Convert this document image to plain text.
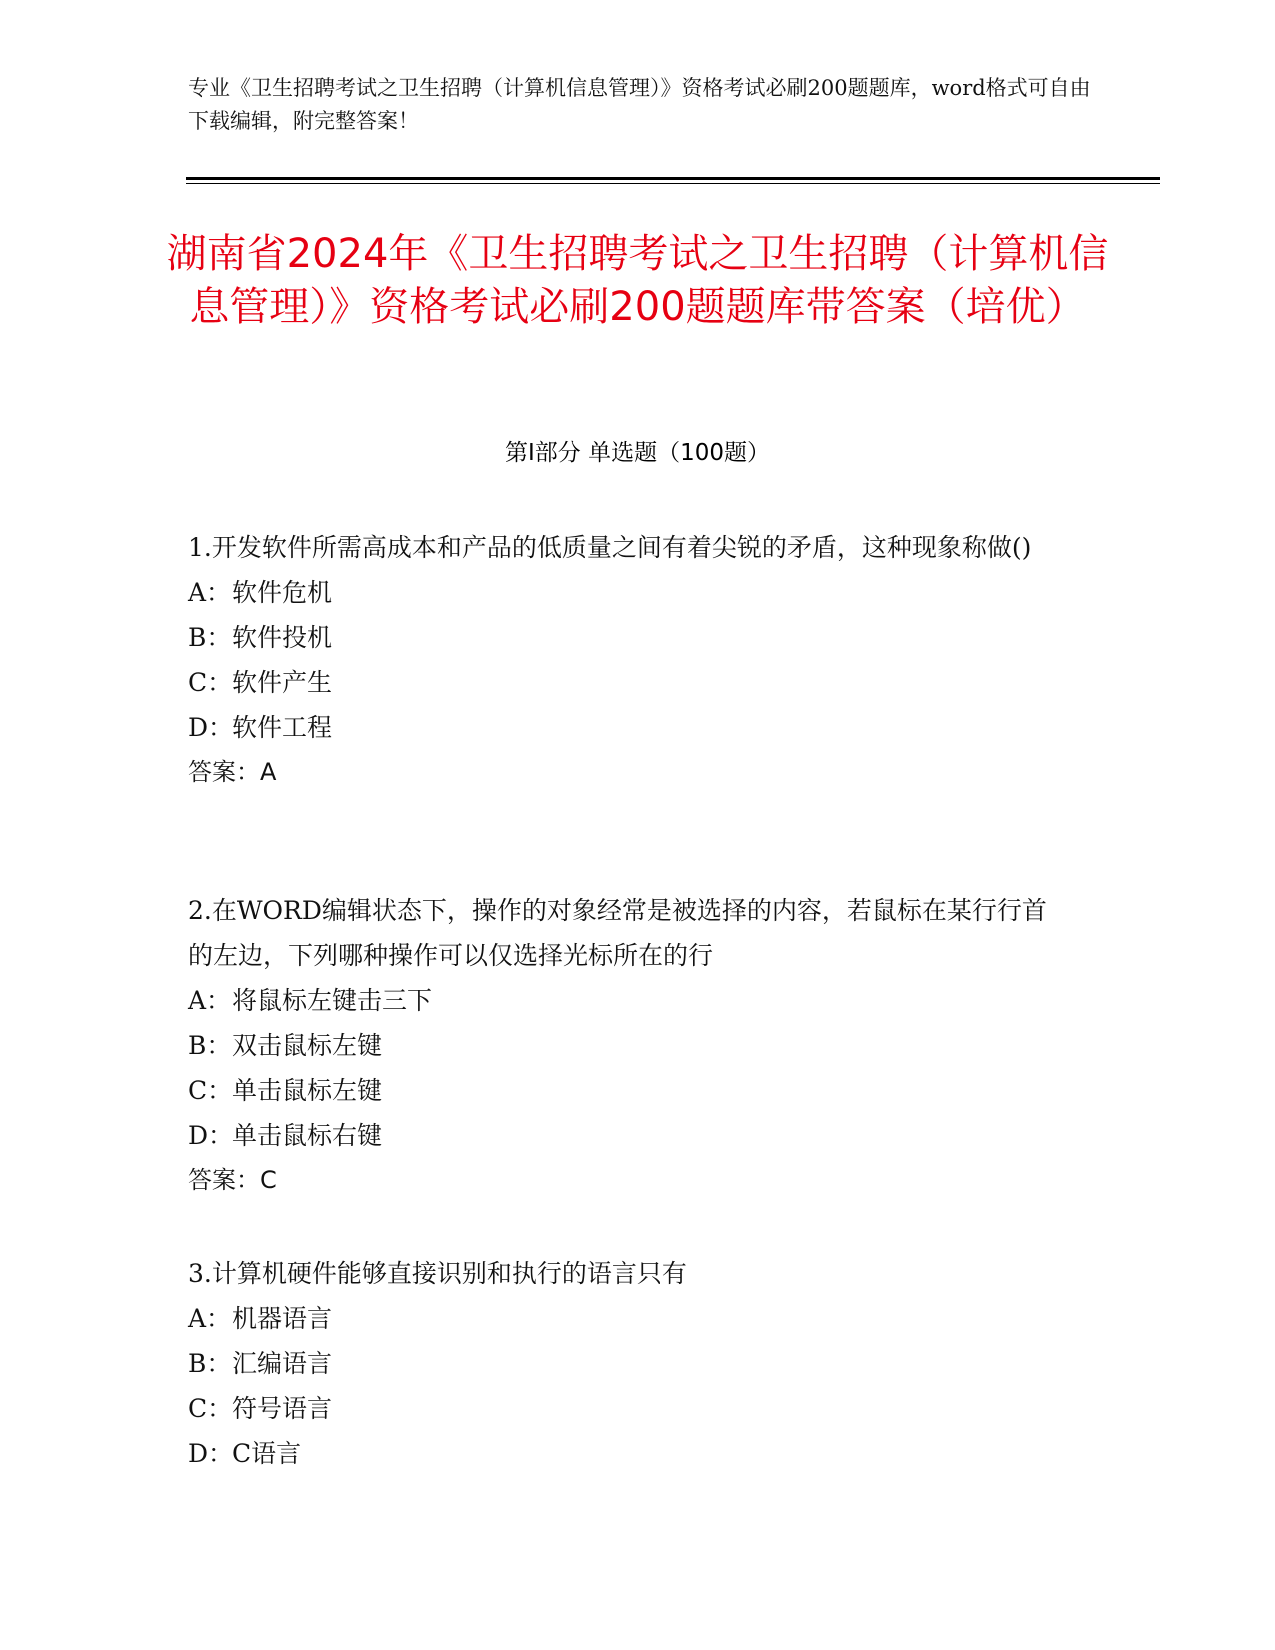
专业《卫生招聘考试之卫生招聘（计算机信息管理）》资格考试必刷200题题库，word格式可自由下载编辑，附完整答案！
湖南省2024年《卫生招聘考试之卫生招聘（计算机信息管理）》资格考试必刷200题题库带答案（培优）
第Ⅰ部分 单选题（100题）

1.开发软件所需高成本和产品的低质量之间有着尖锐的矛盾，这种现象称做()

A：软件危机

B：软件投机

C：软件产生

D：软件工程

答案：A

2.在WORD编辑状态下，操作的对象经常是被选择的内容，若鼠标在某行行首的左边，下列哪种操作可以仅选择光标所在的行

A：将鼠标左键击三下

B：双击鼠标左键

C：单击鼠标左键

D：单击鼠标右键

答案：C

3.计算机硬件能够直接识别和执行的语言只有

A：机器语言

B：汇编语言

C：符号语言

D：C语言
